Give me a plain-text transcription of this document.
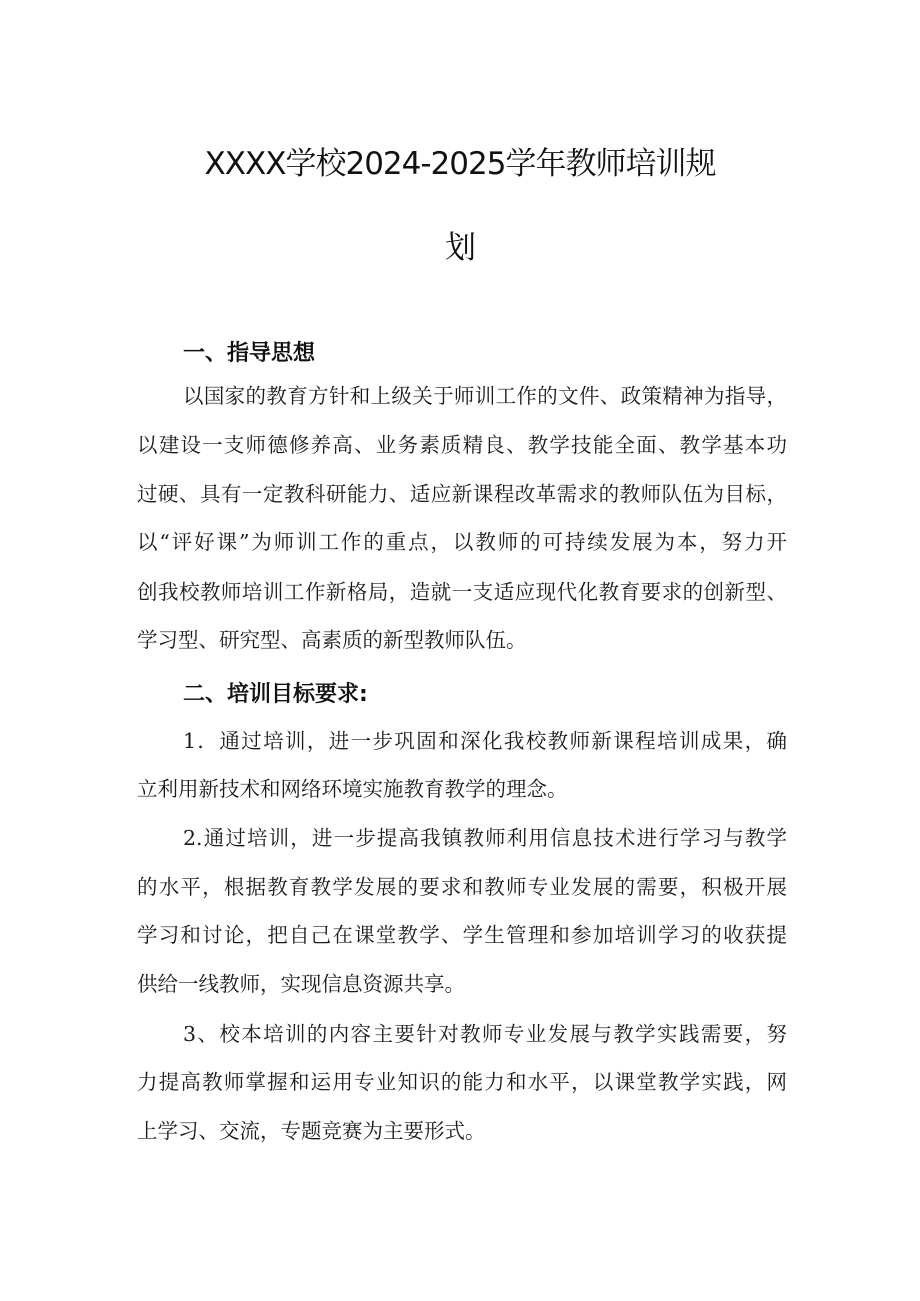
XXXX学校2024-2025学年教师培训规
划
一、指导思想

以国家的教育方针和上级关于师训工作的文件、政策精神为指导，

以建设一支师德修养高、业务素质精良、教学技能全面、教学基本功

过硬、具有一定教科研能力、适应新课程改革需求的教师队伍为目标，

以“评好课”为师训工作的重点，以教师的可持续发展为本，努力开

创我校教师培训工作新格局，造就一支适应现代化教育要求的创新型、

学习型、研究型、高素质的新型教师队伍。

二、培训目标要求:

1．通过培训，进一步巩固和深化我校教师新课程培训成果，确

立利用新技术和网络环境实施教育教学的理念。

2.通过培训，进一步提高我镇教师利用信息技术进行学习与教学

的水平，根据教育教学发展的要求和教师专业发展的需要，积极开展

学习和讨论，把自己在课堂教学、学生管理和参加培训学习的收获提

供给一线教师，实现信息资源共享。

3、校本培训的内容主要针对教师专业发展与教学实践需要，努

力提高教师掌握和运用专业知识的能力和水平，以课堂教学实践，网

上学习、交流，专题竞赛为主要形式。
